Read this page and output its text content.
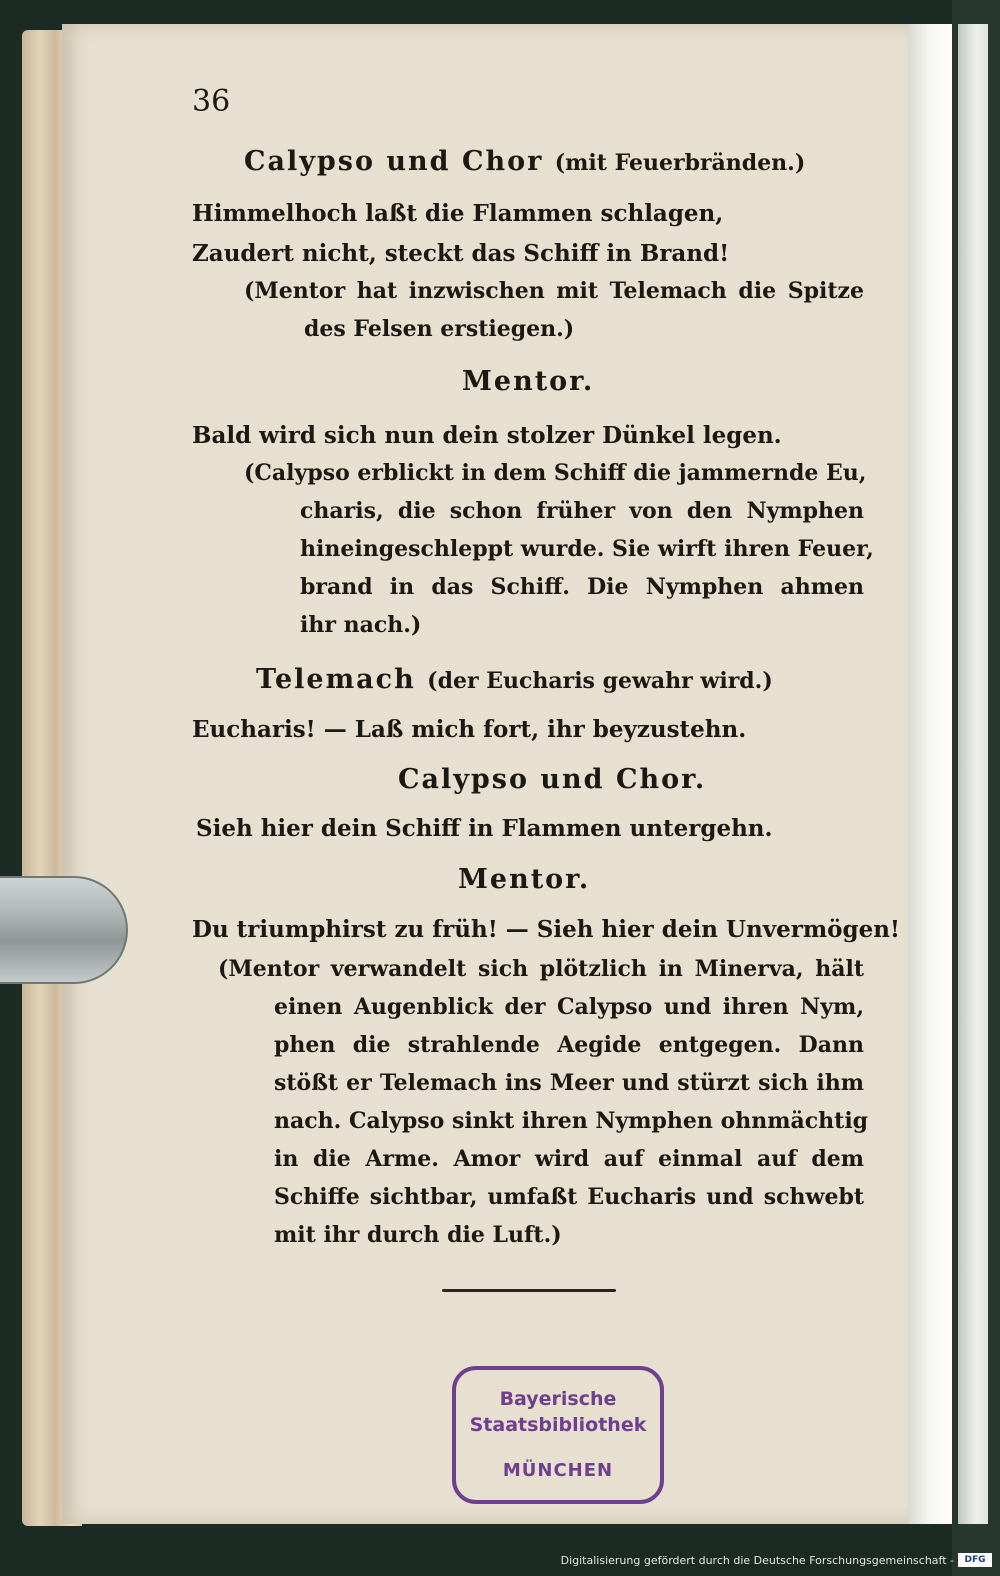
36
Calypso und Chor (mit Feuerbränden.)
Himmelhoch laßt die Flammen schlagen,
Zaudert nicht, steckt das Schiff in Brand!
(Mentor hat inzwischen mit Telemach die Spitze
des Felsen erstiegen.)
Mentor.
Bald wird sich nun dein stolzer Dünkel legen.
(Calypso erblickt in dem Schiff die jammernde Eu,
charis, die schon früher von den Nymphen
hineingeschleppt wurde. Sie wirft ihren Feuer,
brand in das Schiff. Die Nymphen ahmen
ihr nach.)
Telemach (der Eucharis gewahr wird.)
Eucharis! — Laß mich fort, ihr beyzustehn.
Calypso und Chor.
Sieh hier dein Schiff in Flammen untergehn.
Mentor.
Du triumphirst zu früh! — Sieh hier dein Unvermögen!
(Mentor verwandelt sich plötzlich in Minerva, hält
einen Augenblick der Calypso und ihren Nym,
phen die strahlende Aegide entgegen. Dann
stößt er Telemach ins Meer und stürzt sich ihm
nach. Calypso sinkt ihren Nymphen ohnmächtig
in die Arme. Amor wird auf einmal auf dem
Schiffe sichtbar, umfaßt Eucharis und schwebt
mit ihr durch die Luft.)
Bayerische
Staatsbibliothek
MÜNCHEN
Digitalisierung gefördert durch die Deutsche Forschungsgemeinschaft -	DFG
